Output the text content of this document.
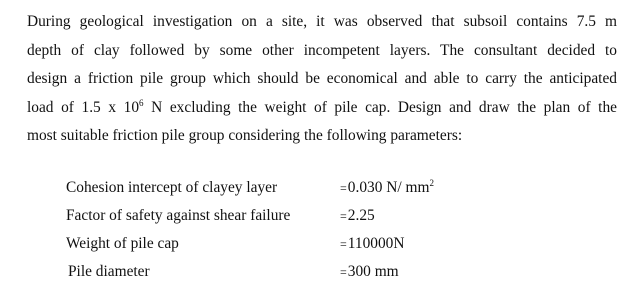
During geological investigation on a site, it was observed that subsoil contains 7.5 m
depth of clay followed by some other incompetent layers. The consultant decided to
design a friction pile group which should be economical and able to carry the anticipated
load of 1.5 x $10^6$ N excluding the weight of pile cap. Design and draw the plan of the
most suitable friction pile group considering the following parameters:
Cohesion intercept of clayey layer	=0.030 N/ $mm^2$
Factor of safety against shear failure	=2.25
Weight of pile cap	=110000N
Pile diameter	=300 mm
